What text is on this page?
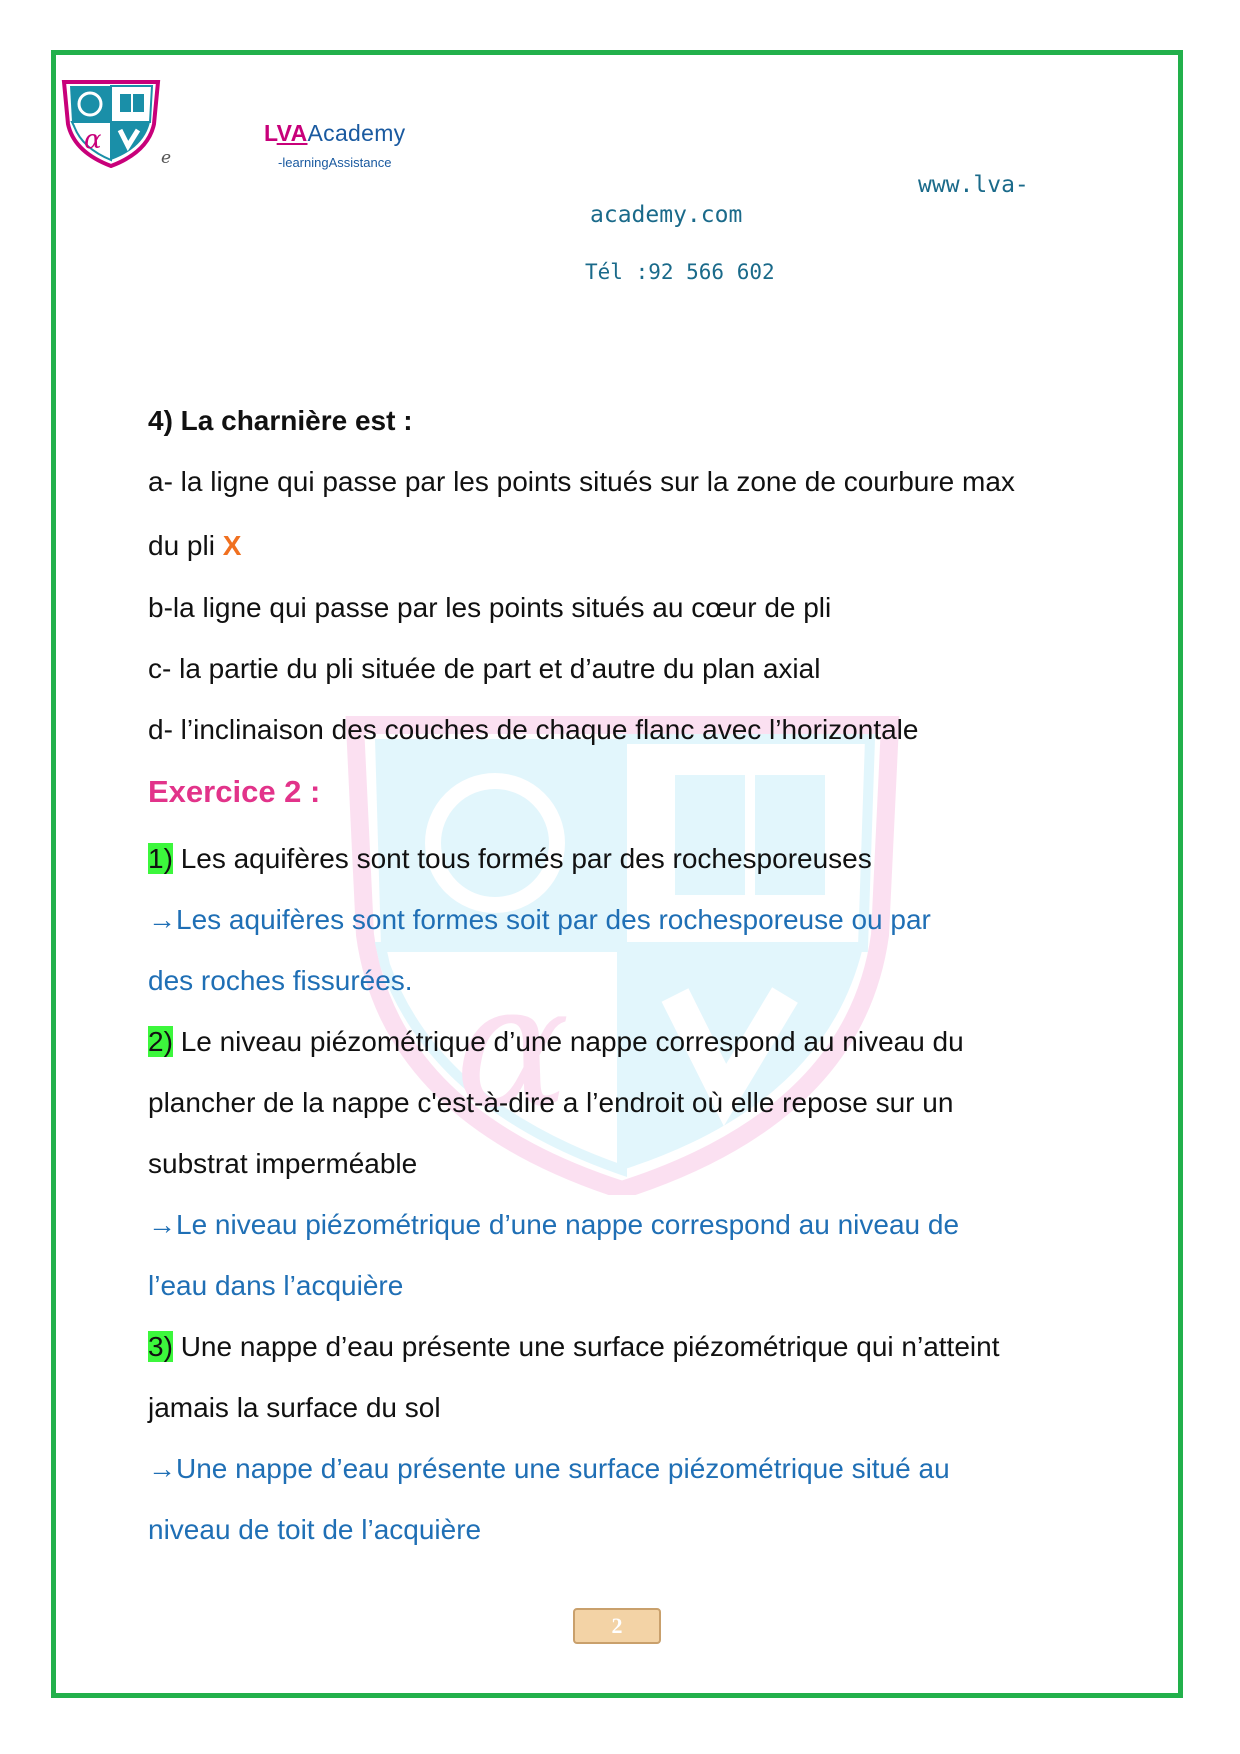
α
e
LVAAcademy
-learningAssistance
www.lva-
academy.com
Tél :92 566 602
α
4) La charnière est :
a- la ligne qui passe par les points situés sur la zone de courbure max
du pli X
b-la ligne qui passe par les points situés au cœur de pli
c- la partie du pli située de part et d’autre du plan axial
d- l’inclinaison des couches de chaque flanc avec l’horizontale
Exercice 2 :
1) Les aquifères sont tous formés par des rochesporeuses
→Les aquifères sont formes soit par des rochesporeuse ou par
des roches fissurées.
2) Le niveau piézométrique d’une nappe correspond au niveau du
plancher de la nappe c'est-à-dire a l’endroit où elle repose sur un
substrat imperméable
→Le niveau piézométrique d’une nappe correspond au niveau de
l’eau dans l’acquière
3) Une nappe d’eau présente une surface piézométrique qui n’atteint
jamais la surface du sol
→Une nappe d’eau présente une surface piézométrique situé au
niveau de toit de l’acquière
2
